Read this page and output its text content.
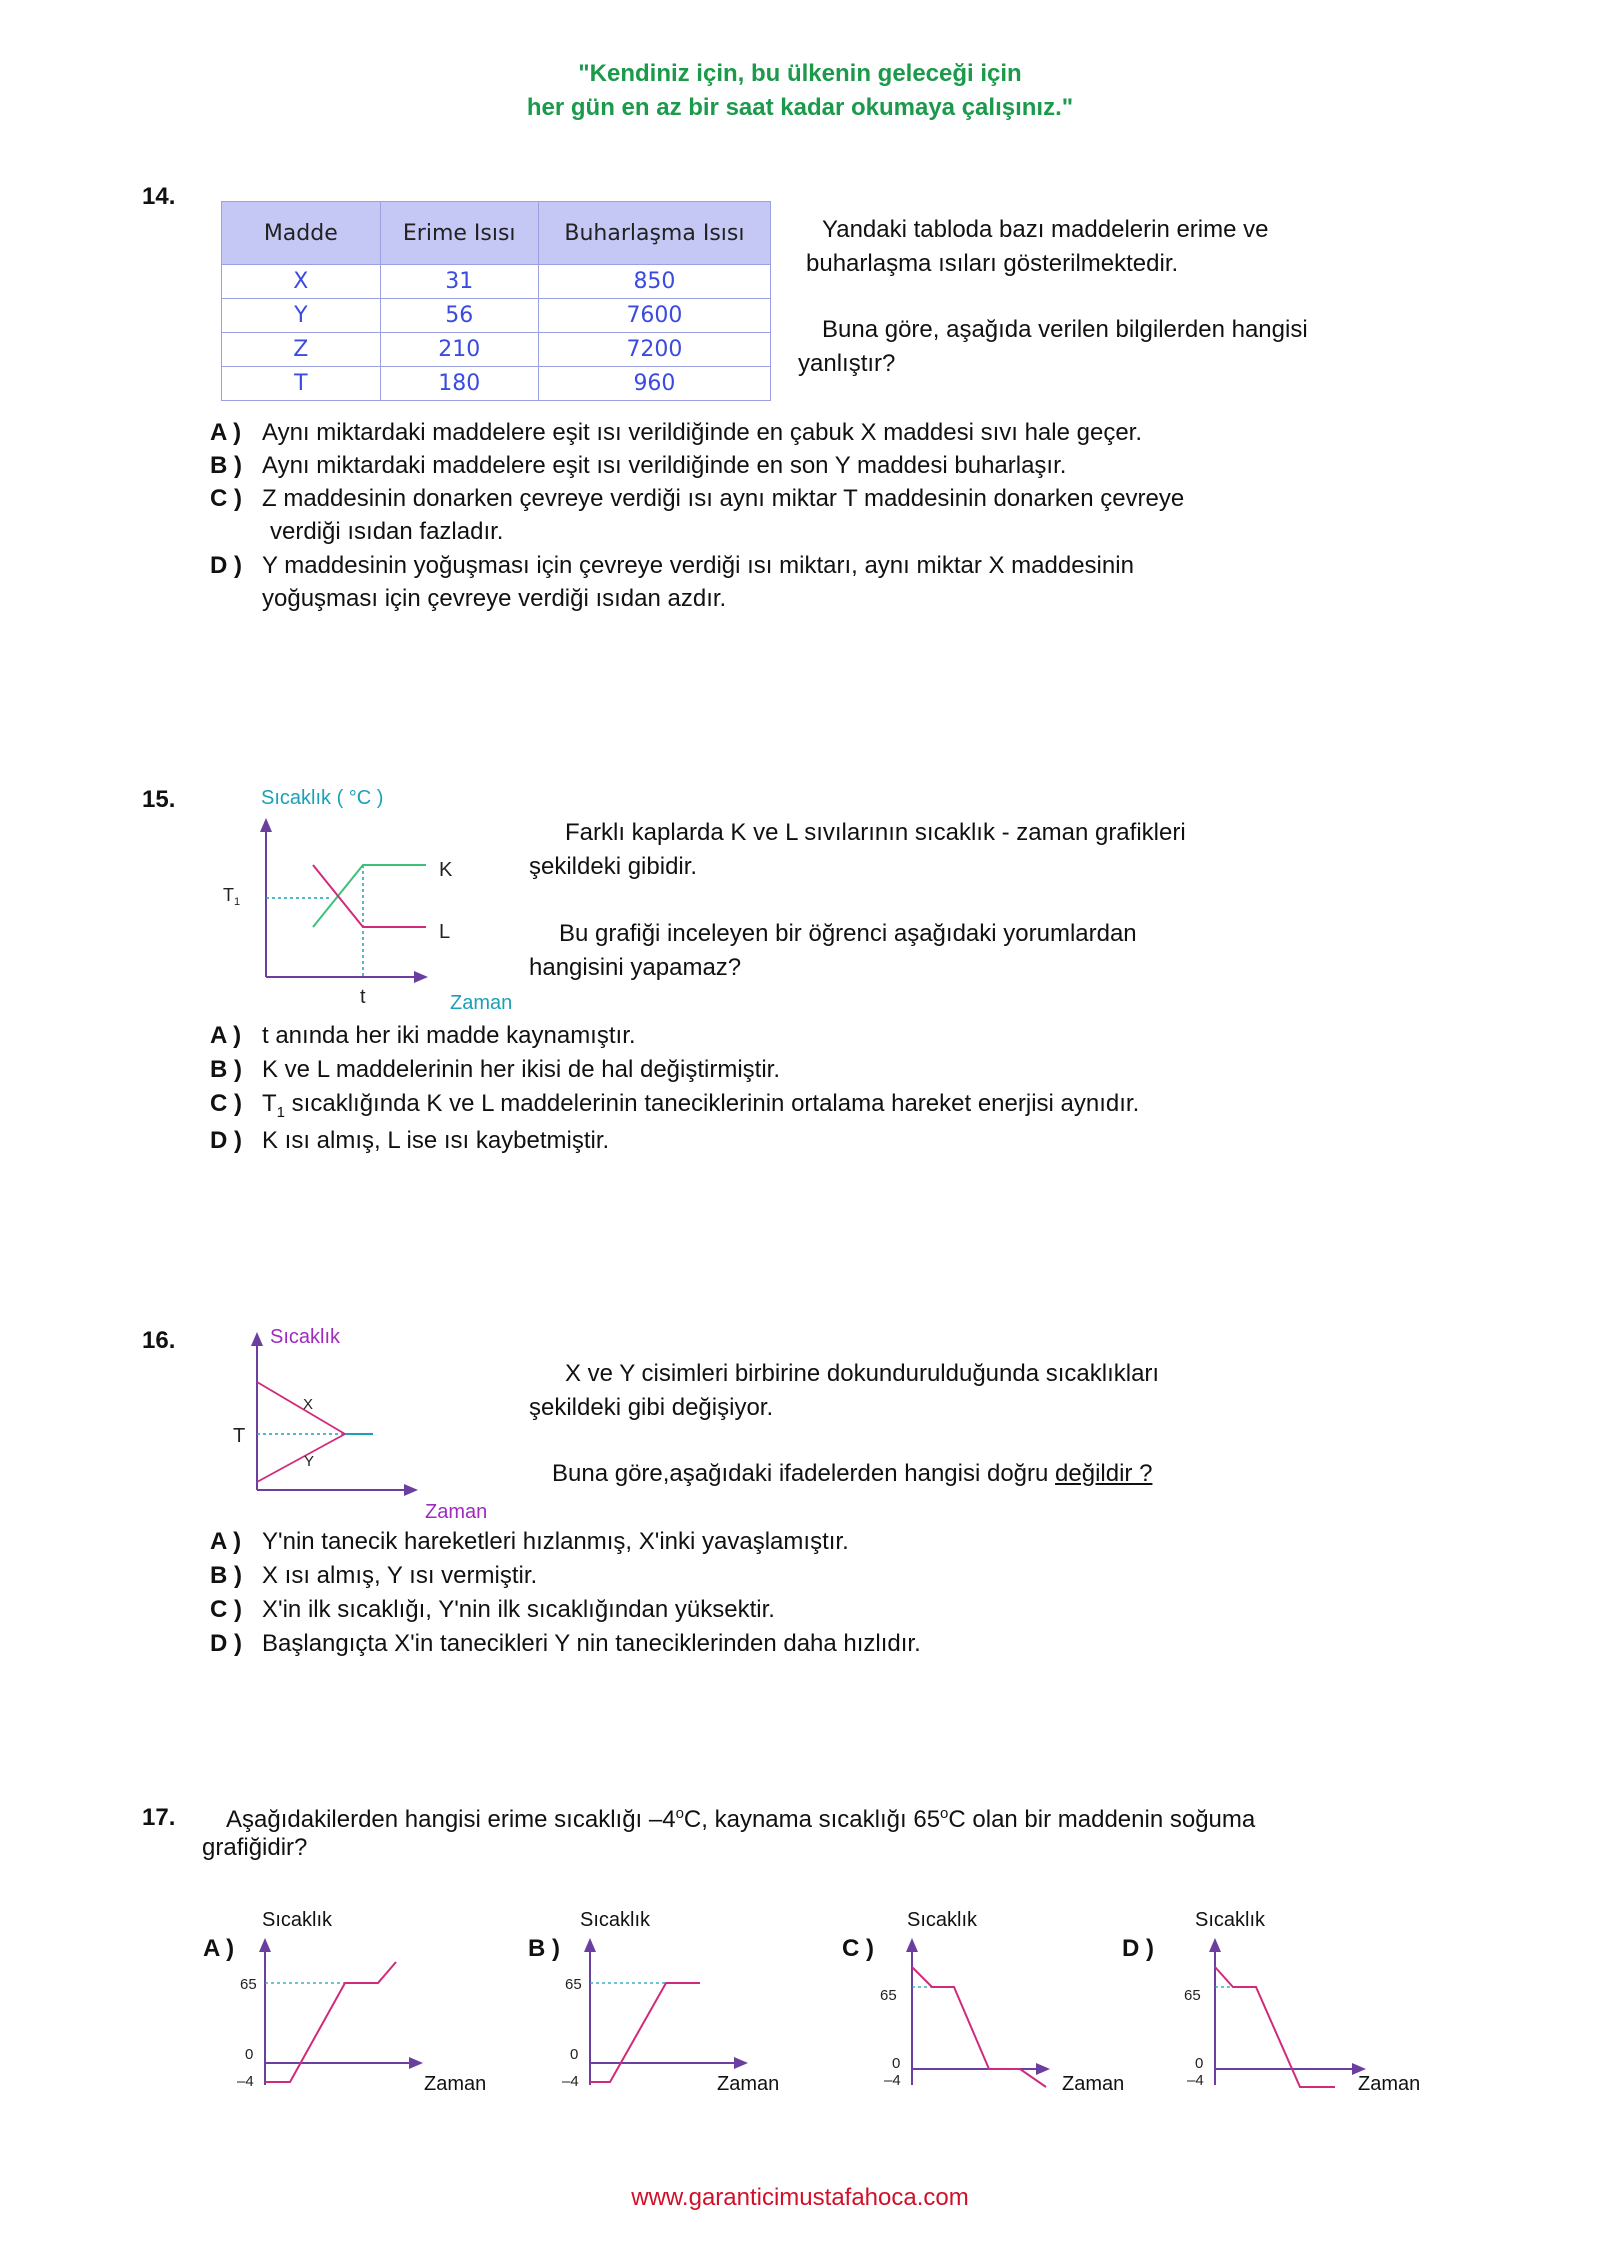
"Kendiniz için, bu ülkenin geleceği için
her gün en az bir saat kadar okumaya çalışınız."
14.
Madde	Erime Isısı	Buharlaşma Isısı
X	31	850
Y	56	7600
Z	210	7200
T	180	960
Yandaki tabloda bazı maddelerin erime ve
buharlaşma ısıları gösterilmektedir.
Buna göre, aşağıda verilen bilgilerden hangisi
yanlıştır?
A ) Aynı miktardaki maddelere eşit ısı verildiğinde en çabuk X maddesi sıvı hale geçer.
B ) Aynı miktardaki maddelere eşit ısı verildiğinde en son Y maddesi buharlaşır.
C ) Z maddesinin donarken çevreye verdiği ısı aynı miktar T maddesinin donarken çevreye
verdiği ısıdan fazladır.
D ) Y maddesinin yoğuşması için çevreye verdiği ısı miktarı, aynı miktar X maddesinin
yoğuşması için çevreye verdiği ısıdan azdır.
15.	Sıcaklık ( °C )
$T_1$
K
L
t	Zaman
Farklı kaplarda K ve L sıvılarının sıcaklık - zaman grafikleri
şekildeki gibidir.
Bu grafiği inceleyen bir öğrenci aşağıdaki yorumlardan
hangisini yapamaz?
A ) t anında her iki madde kaynamıştır.
B ) K ve L maddelerinin her ikisi de hal değiştirmiştir.
C ) $T_1$ sıcaklığında K ve L maddelerinin taneciklerinin ortalama hareket enerjisi aynıdır.
D ) K ısı almış, L ise ısı kaybetmiştir.
16.	Sıcaklık
T
X
Y
Zaman
X ve Y cisimleri birbirine dokundurulduğunda sıcaklıkları
şekildeki gibi değişiyor.
Buna göre,aşağıdaki ifadelerden hangisi doğru değildir ?
A ) Y'nin tanecik hareketleri hızlanmış, X'inki yavaşlamıştır.
B ) X ısı almış, Y ısı vermiştir.
C ) X'in ilk sıcaklığı, Y'nin ilk sıcaklığından yüksektir.
D ) Başlangıçta X'in tanecikleri Y nin taneciklerinden daha hızlıdır.
17. Aşağıdakilerden hangisi erime sıcaklığı –4$^o$C, kaynama sıcaklığı 65$^o$C olan bir maddenin soğuma
grafiğidir?
A )
Sıcaklık
65
0
–4	Zaman
B )
Sıcaklık
65
0
–4	Zaman
C )
Sıcaklık
65
0
–4	Zaman
D )
Sıcaklık
65
0
–4	Zaman
www.garanticimustafahoca.com
